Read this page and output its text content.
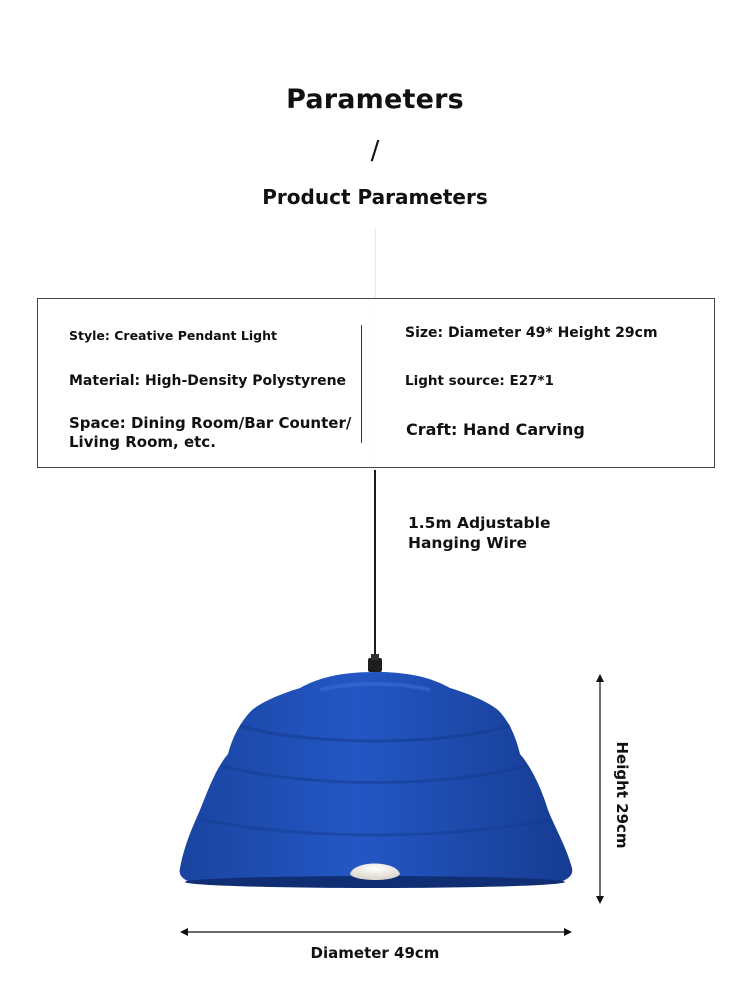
Parameters
/
Product Parameters
Style: Creative Pendant Light
Material: High-Density Polystyrene
Space: Dining Room/Bar Counter/
Living Room, etc.
Size: Diameter 49* Height 29cm
Light source: E27*1
Craft: Hand Carving
1.5m Adjustable
Hanging Wire
Height 29cm
Diameter 49cm
